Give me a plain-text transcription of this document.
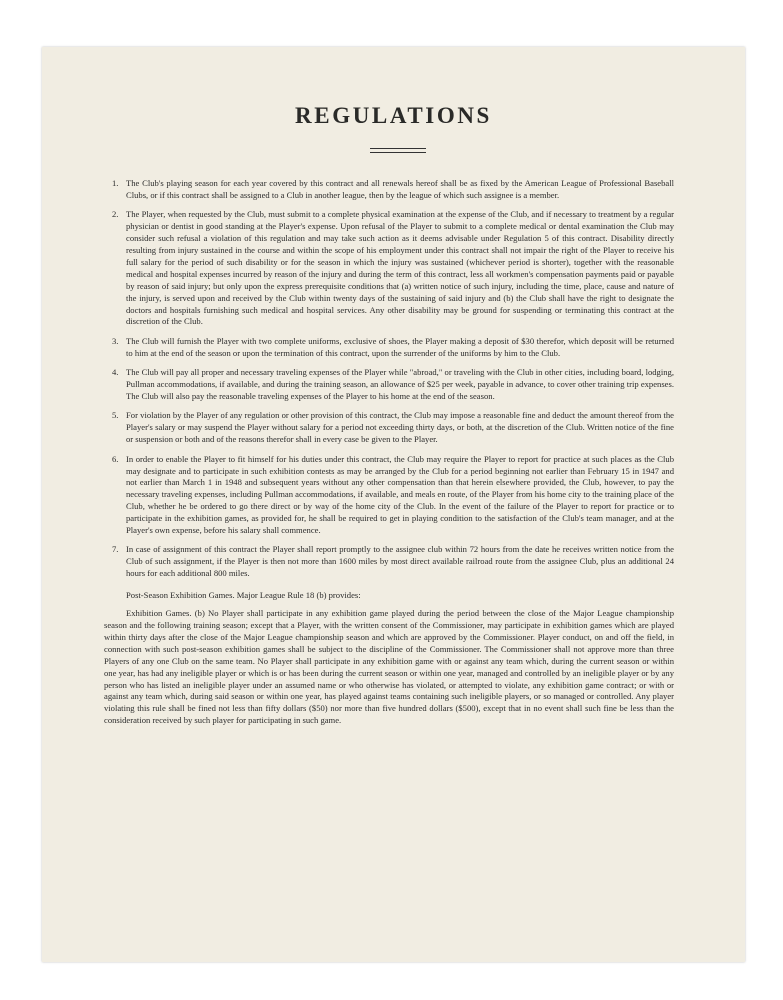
REGULATIONS
1. The Club's playing season for each year covered by this contract and all renewals hereof shall be as fixed by the American League of Professional Baseball Clubs, or if this contract shall be assigned to a Club in another league, then by the league of which such assignee is a member.
2. The Player, when requested by the Club, must submit to a complete physical examination at the expense of the Club, and if necessary to treatment by a regular physician or dentist in good standing at the Player's expense. Upon refusal of the Player to submit to a complete medical or dental examination the Club may consider such refusal a violation of this regulation and may take such action as it deems advisable under Regulation 5 of this contract. Disability directly resulting from injury sustained in the course and within the scope of his employment under this contract shall not impair the right of the Player to receive his full salary for the period of such disability or for the season in which the injury was sustained (whichever period is shorter), together with the reasonable medical and hospital expenses incurred by reason of the injury and during the term of this contract, less all workmen's compensation payments paid or payable by reason of said injury; but only upon the express prerequisite conditions that (a) written notice of such injury, including the time, place, cause and nature of the injury, is served upon and received by the Club within twenty days of the sustaining of said injury and (b) the Club shall have the right to designate the doctors and hospitals furnishing such medical and hospital services. Any other disability may be ground for suspending or terminating this contract at the discretion of the Club.
3. The Club will furnish the Player with two complete uniforms, exclusive of shoes, the Player making a deposit of $30 therefor, which deposit will be returned to him at the end of the season or upon the termination of this contract, upon the surrender of the uniforms by him to the Club.
4. The Club will pay all proper and necessary traveling expenses of the Player while "abroad," or traveling with the Club in other cities, including board, lodging, Pullman accommodations, if available, and during the training season, an allowance of $25 per week, payable in advance, to cover other training trip expenses. The Club will also pay the reasonable traveling expenses of the Player to his home at the end of the season.
5. For violation by the Player of any regulation or other provision of this contract, the Club may impose a reasonable fine and deduct the amount thereof from the Player's salary or may suspend the Player without salary for a period not exceeding thirty days, or both, at the discretion of the Club. Written notice of the fine or suspension or both and of the reasons therefor shall in every case be given to the Player.
6. In order to enable the Player to fit himself for his duties under this contract, the Club may require the Player to report for practice at such places as the Club may designate and to participate in such exhibition contests as may be arranged by the Club for a period beginning not earlier than February 15 in 1947 and not earlier than March 1 in 1948 and subsequent years without any other compensation than that herein elsewhere provided, the Club, however, to pay the necessary traveling expenses, including Pullman accommodations, if available, and meals en route, of the Player from his home city to the training place of the Club, whether he be ordered to go there direct or by way of the home city of the Club. In the event of the failure of the Player to report for practice or to participate in the exhibition games, as provided for, he shall be required to get in playing condition to the satisfaction of the Club's team manager, and at the Player's own expense, before his salary shall commence.
7. In case of assignment of this contract the Player shall report promptly to the assignee club within 72 hours from the date he receives written notice from the Club of such assignment, if the Player is then not more than 1600 miles by most direct available railroad route from the assignee Club, plus an additional 24 hours for each additional 800 miles.
Post-Season Exhibition Games. Major League Rule 18 (b) provides:
Exhibition Games. (b) No Player shall participate in any exhibition game played during the period between the close of the Major League championship season and the following training season; except that a Player, with the written consent of the Commissioner, may participate in exhibition games which are played within thirty days after the close of the Major League championship season and which are approved by the Commissioner. Player conduct, on and off the field, in connection with such post-season exhibition games shall be subject to the discipline of the Commissioner. The Commissioner shall not approve more than three Players of any one Club on the same team. No Player shall participate in any exhibition game with or against any team which, during the current season or within one year, has had any ineligible player or which is or has been during the current season or within one year, managed and controlled by an ineligible player or by any person who has listed an ineligible player under an assumed name or who otherwise has violated, or attempted to violate, any exhibition game contract; or with or against any team which, during said season or within one year, has played against teams containing such ineligible players, or so managed or controlled. Any player violating this rule shall be fined not less than fifty dollars ($50) nor more than five hundred dollars ($500), except that in no event shall such fine be less than the consideration received by such player for participating in such game.
